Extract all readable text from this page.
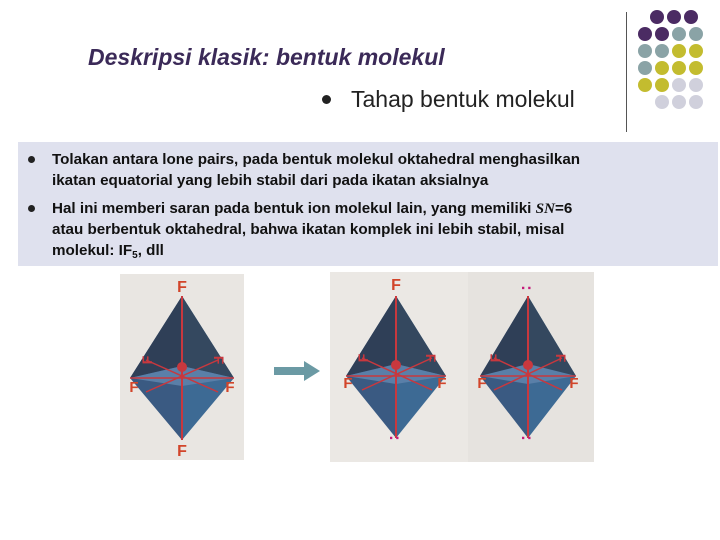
Deskripsi klasik: bentuk molekul
Tahap bentuk molekul
Tolakan antara lone pairs, pada bentuk molekul oktahedral menghasilkan
ikatan equatorial yang lebih stabil dari pada ikatan aksialnya
Hal ini memberi saran pada bentuk ion molekul lain, yang memiliki SN=6
atau berbentuk oktahedral, bahwa ikatan komplek ini lebih stabil, misal
molekul: $IF_5$, dll
F
F
F	F
F	F
F
F	F
F	F
:
:
F	F
F	F
:
